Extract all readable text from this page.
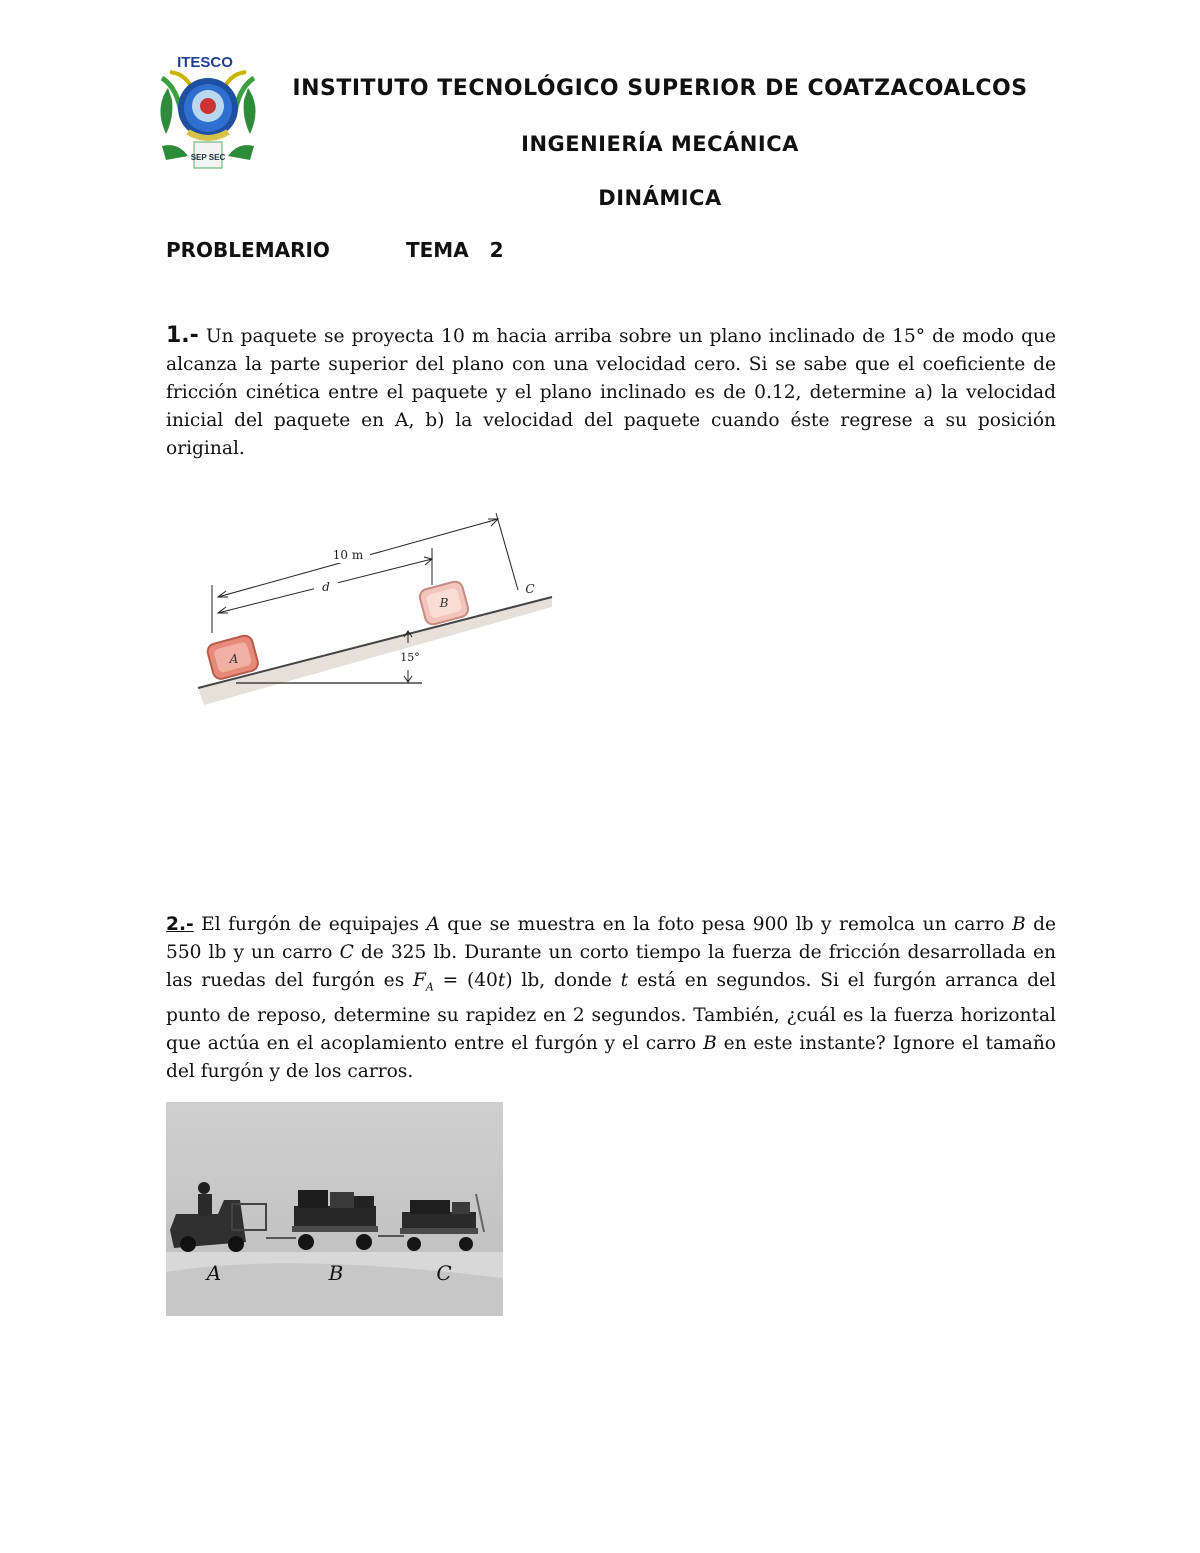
ITESCO
SEP SEC
INSTITUTO TECNOLÓGICO SUPERIOR DE COATZACOALCOS
INGENIERÍA MECÁNICA
DINÁMICA
PROBLEMARIO	TEMA   2

1.- Un paquete se proyecta 10 m hacia arriba sobre un plano inclinado de 15° de modo que alcanza la parte superior del plano con una velocidad cero. Si se sabe que el coeficiente de fricción cinética entre el paquete y el plano inclinado es de 0.12, determine a) la velocidad inicial del paquete en A, b) la velocidad del paquete cuando éste regrese a su posición original.

15°
10 m
d
A
B
C

2.- El furgón de equipajes A que se muestra en la foto pesa 900 lb y remolca un carro B de 550 lb y un carro C de 325 lb. Durante un corto tiempo la fuerza de fricción desarrollada en las ruedas del furgón es $F_A = (40t)$ lb, donde t está en segundos. Si el furgón arranca del punto de reposo, determine su rapidez en 2 segundos. También, ¿cuál es la fuerza horizontal que actúa en el acoplamiento entre el furgón y el carro B en este instante? Ignore el tamaño del furgón y de los carros.

A	B	C
